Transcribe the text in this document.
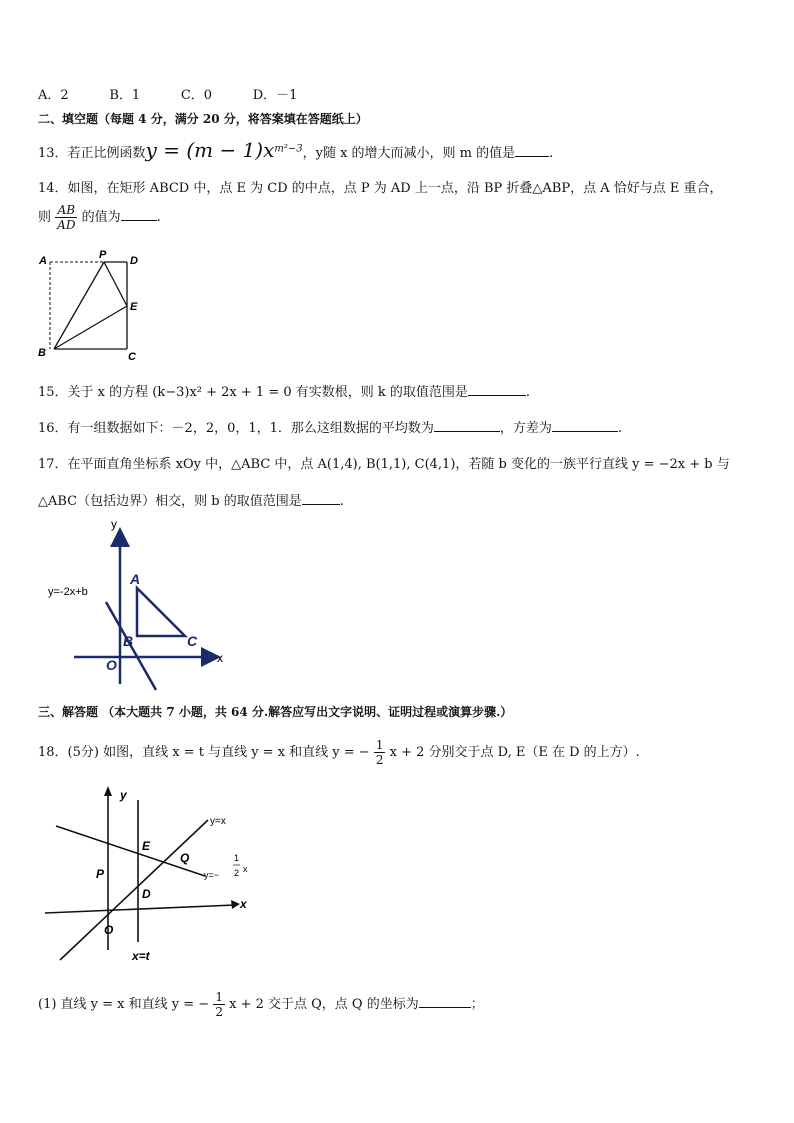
A．2	B．1	C．0	D．－1
二、填空题（每题 4 分，满分 20 分，将答案填在答题纸上）
13．若正比例函数$y = (m - 1)x^{m^2-3}$，y随 x 的增大而减小，则 m 的值是	.
14．如图，在矩形 ABCD 中，点 E 为 CD 的中点，点 P 为 AD 上一点，沿 BP 折叠△ABP，点 A 恰好与点 E 重合，
则 $\frac{AB}{AD}$ 的值为	.
A	P D
E
B	C
15．关于 x 的方程 (k−3)x² + 2x + 1 = 0 有实数根，则 k 的取值范围是	.
16．有一组数据如下：－2，2，0，1，1．那么这组数据的平均数为	，方差为	.
17．在平面直角坐标系 xOy 中，△ABC 中，点 A(1,4), B(1,1), C(4,1)，若随 b 变化的一族平行直线 y = −2x + b 与
△ABC（包括边界）相交，则 b 的取值范围是	.
y
x
y=-2x+b
A
B	C
O
三、解答题 （本大题共 7 小题，共 64 分.解答应写出文字说明、证明过程或演算步骤.）
18．(5分) 如图，直线 x = t 与直线 y = x 和直线 y = − $\frac{1}{2}$ x + 2 分别交于点 D, E（E 在 D 的上方）.
y
x
y=x
y=−
1
2 x
P
E
Q
D
O
x=t
(1) 直线 y = x 和直线 y = − $\frac{1}{2}$ x + 2 交于点 Q，点 Q 的坐标为	；
